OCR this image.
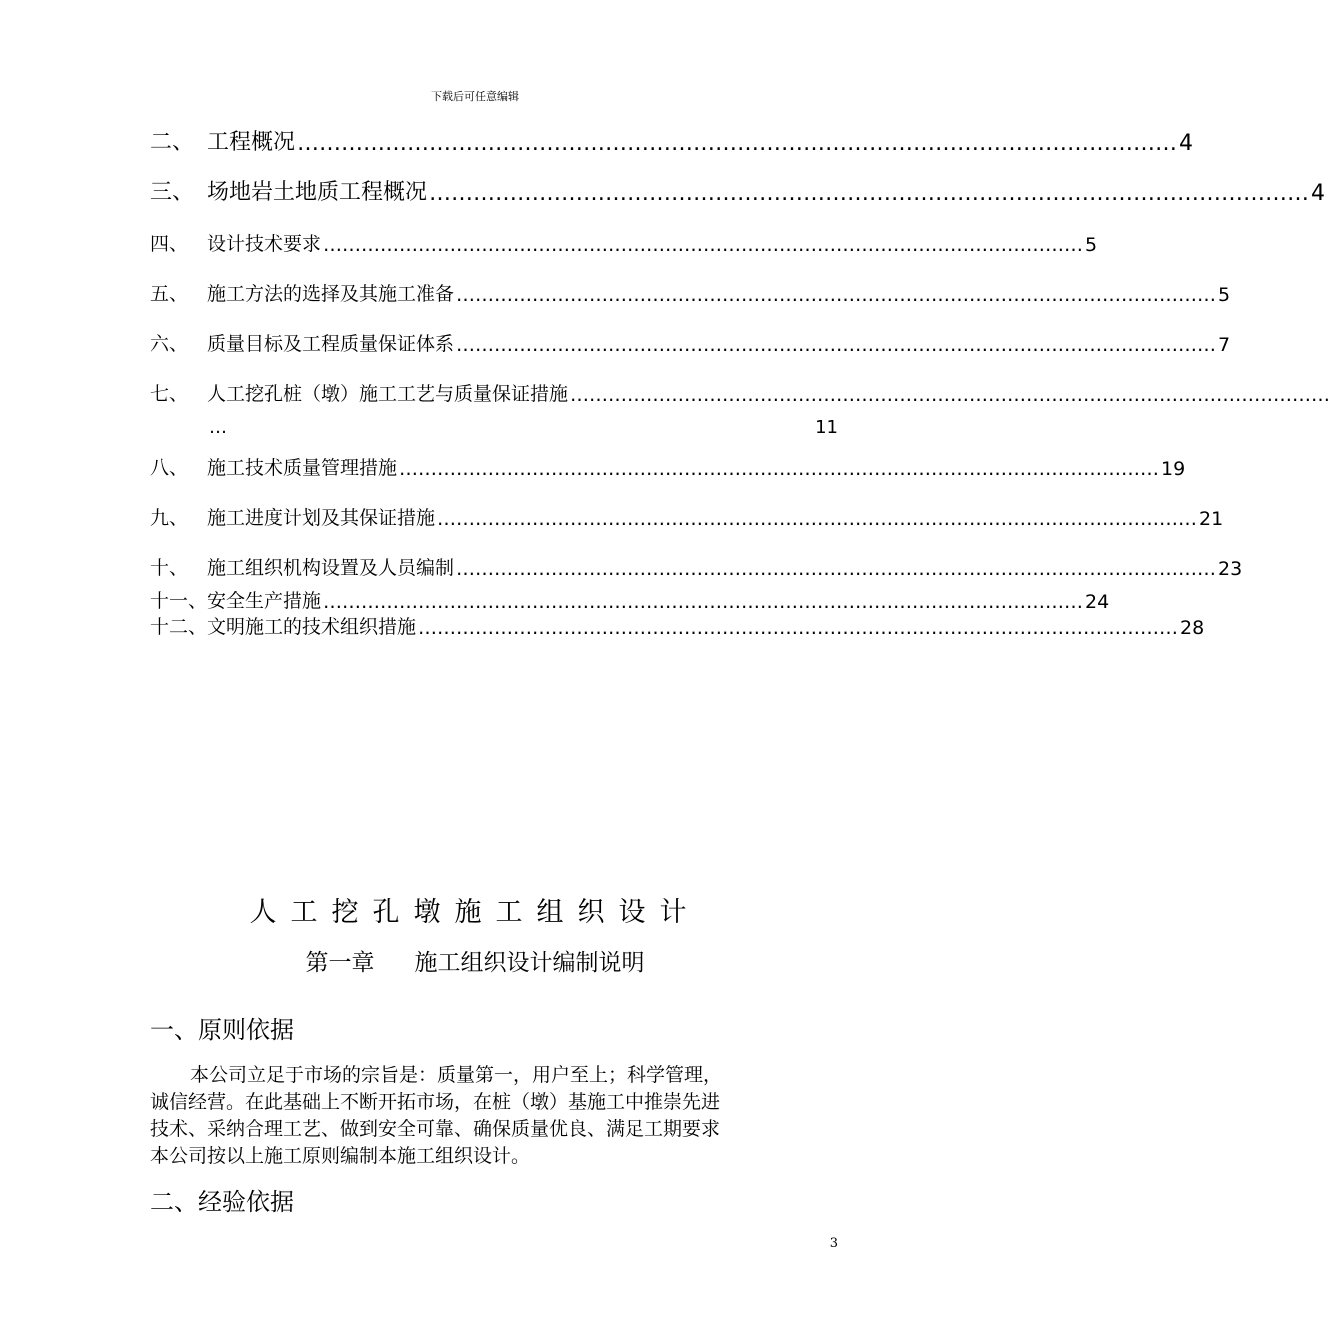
下载后可任意编辑
二、 工程概况 ………………………………………………………………………………………………………… 4
三、 场地岩土地质工程概况 ………………………………………………………………………………………………………… 4
四、 设计技术要求 ………………………………………………………………………………………………………… 5
五、 施工方法的选择及其施工准备 ………………………………………………………………………………………………………… 5
六、 质量目标及工程质量保证体系 ………………………………………………………………………………………………………… 7
七、 人工挖孔桩（墩）施工工艺与质量保证措施 …………………………………………………………………………………………………………
…	11
八、 施工技术质量管理措施 ………………………………………………………………………………………………………… 19
九、 施工进度计划及其保证措施 ………………………………………………………………………………………………………… 21
十、 施工组织机构设置及人员编制 ………………………………………………………………………………………………………… 23
十一、 安全生产措施 ………………………………………………………………………………………………………… 24
十二、 文明施工的技术组织措施 ………………………………………………………………………………………………………… 28
人工挖孔墩施工组织设计
第一章 施工组织设计编制说明
一、原则依据
本公司立足于市场的宗旨是：质量第一，用户至上；科学管理，
诚信经营。在此基础上不断开拓市场，在桩（墩）基施工中推崇先进
技术、采纳合理工艺、做到安全可靠、确保质量优良、满足工期要求
本公司按以上施工原则编制本施工组织设计。
二、经验依据
3
